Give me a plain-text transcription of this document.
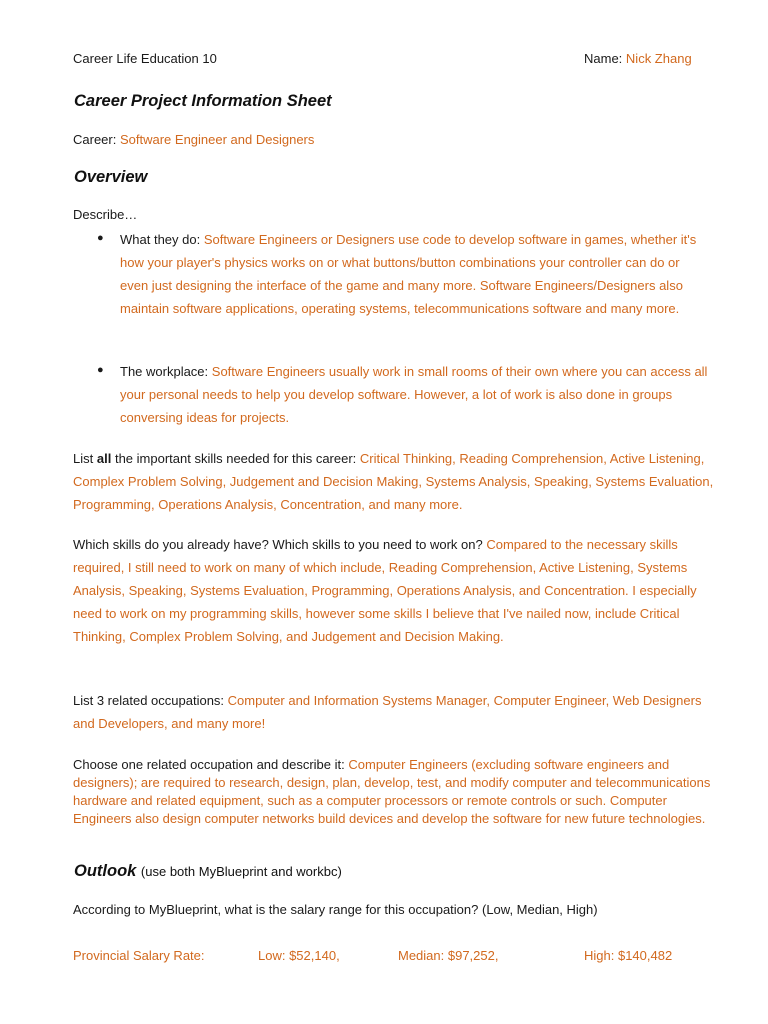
Career Life Education 10	Name: Nick Zhang
Career Project Information Sheet
Career: Software Engineer and Designers
Overview
Describe…
● What they do: Software Engineers or Designers use code to develop software in games, whether it's how your player's physics works on or what buttons/button combinations your controller can do or even just designing the interface of the game and many more. Software Engineers/Designers also maintain software applications, operating systems, telecommunications software and many more.
● The workplace: Software Engineers usually work in small rooms of their own where you can access all your personal needs to help you develop software. However, a lot of work is also done in groups conversing ideas for projects.
List all the important skills needed for this career: Critical Thinking, Reading Comprehension, Active Listening, Complex Problem Solving, Judgement and Decision Making, Systems Analysis, Speaking, Systems Evaluation, Programming, Operations Analysis, Concentration, and many more.
Which skills do you already have? Which skills to you need to work on? Compared to the necessary skills required, I still need to work on many of which include, Reading Comprehension, Active Listening, Systems Analysis, Speaking, Systems Evaluation, Programming, Operations Analysis, and Concentration. I especially need to work on my programming skills, however some skills I believe that I've nailed now, include Critical Thinking, Complex Problem Solving, and Judgement and Decision Making.
List 3 related occupations: Computer and Information Systems Manager, Computer Engineer, Web Designers and Developers, and many more!
Choose one related occupation and describe it: Computer Engineers (excluding software engineers and designers); are required to research, design, plan, develop, test, and modify computer and telecommunications hardware and related equipment, such as a computer processors or remote controls or such. Computer Engineers also design computer networks build devices and develop the software for new future technologies.
Outlook (use both MyBlueprint and workbc)
According to MyBlueprint, what is the salary range for this occupation? (Low, Median, High)
Provincial Salary Rate:	Low: $52,140,	Median: $97,252,	High: $140,482
